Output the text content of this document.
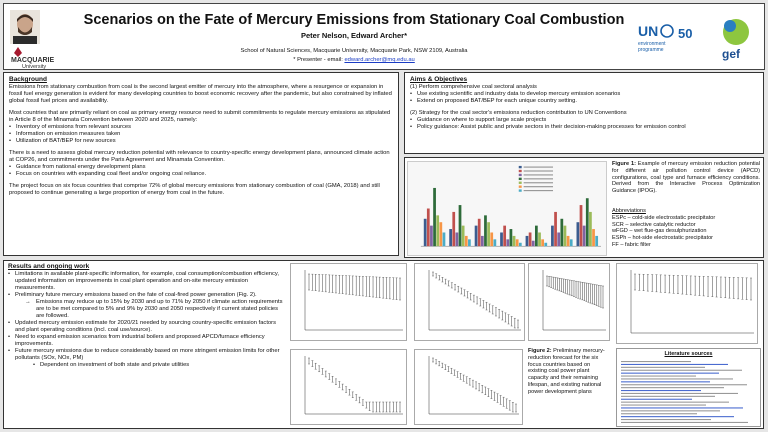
MACQUARIE
University
Scenarios on the Fate of Mercury Emissions from Stationary Coal Combustion
Peter Nelson, Edward Archer*
School of Natural Sciences, Macquarie University, Macquarie Park, NSW 2109, Australia
* Presenter - email: edward.archer@mq.edu.au
UN
environment
programme
50
gef
Background

Emissions from stationary combustion from coal is the second largest emitter of mercury into the atmosphere, where a resurgence or expansion in fossil fuel energy generation is evident for many developing countries to boost economic recovery after the pandemic, but also constrained by inflated global fossil fuel prices and availability.

Most countries that are primarily reliant on coal as primary energy resource need to submit commitments to regulate mercury emissions as stipulated in Article 8 of the Minamata Convention between 2020 and 2025, namely:

• Inventory of emissions from relevant sources
• Information on emission measures taken
• Utilization of BAT/BEP for new sources

There is a need to assess global mercury reduction potential with relevance to country-specific energy development plans, announced climate action at COP26, and commitments under the Paris Agreement and Minamata Convention.

• Guidance from national energy development plans
• Focus on countries with expanding coal fleet and/or ongoing coal reliance.

The project focus on six focus countries that comprise 72% of global mercury emissions from stationary combustion of coal (GMA, 2018) and still proposed to continue generating a large proportion of energy from coal in the future.

Aims & Objectives

(1) Perform comprehensive coal sectoral analysis

• Use existing scientific and industry data to develop mercury emission scenarios
• Extend on proposed BAT/BEP for each unique country setting.

(2) Strategy for the coal sector's emissions reduction contribution to UN Conventions

• Guidance on where to support large scale projects
• Policy guidance: Assist public and private sectors in their decision-making processes for emission control
Figure 1: Example of mercury emission reduction potential for different air pollution control device (APCD) configurations, coal type and furnace efficiency conditions. Derived from the Interactive Process Optimization Guidance (IPOG).
Abbreviations
ESPc – cold-side electrostatic precipitator
SCR – selective catalytic reductor
wFGD – wet flue-gas desulphurization
ESPh – hot-side electrostatic precipitator
FF – fabric filter
Results and ongoing work
• Limitations in available plant-specific information, for example, coal consumption/combustion efficiency, updated information on improvements in coal plant operation and on-site mercury emission measurements.
• Preliminary future mercury emissions based on the fate of coal-fired power generation (Fig. 2).
→ Emissions may reduce up to 15% by 2030 and up to 71% by 2050 if climate action requirements are to be met compared to 5% and 9% by 2030 and 2050 respectively if current stated policies are followed.
• Updated mercury emission estimate for 2020/21 needed by sourcing country-specific emission factors and plant operating conditions (incl. coal use/source).
• Need to expand emission scenarios from industrial boilers and proposed APCD/furnace efficiency improvements.
• Future mercury emissions due to reduce considerably based on more stringent emission limits for other pollutants (SOx, NOx, PM)
• Dependent on investment of both state and private utilities
Figure 2: Preliminary mercury-reduction forecast for the six focus countries based on existing coal power plant capacity and their remaining lifespan, and existing national power development plans
Literature sources
